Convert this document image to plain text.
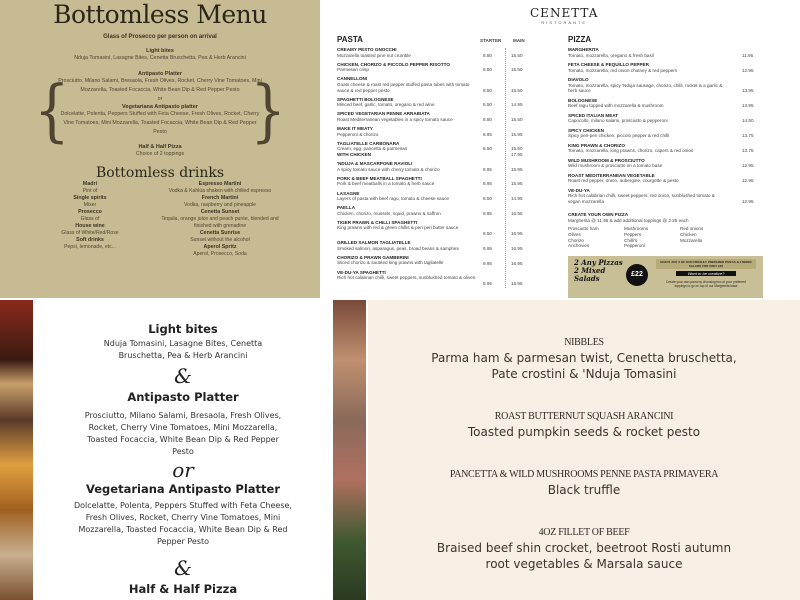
Bottomless Menu
Glass of Prosecco per person on arrival
Light bites
Nduja Tomasini, Lasagne Bites, Cenetta Bruschetta, Pea & Herb Arancini
{	}
Antipasto Platter
Prosciutto, Milano Salami, Bresaola, Fresh Olives, Rocket, Cherry Vine Tomatoes, Mini Mozzarella, Toasted Focaccia, White Bean Dip & Red Pepper Pesto
or
Vegetariana Antipasto platter
Dolcelatte, Polenta, Peppers Stuffed with Feta Cheese, Fresh Olives, Rocket, Cherry Vine Tomatoes, Mini Mozzarella, Toasted Focaccia, White Bean Dip & Red Pepper Pesto
Half & Half Pizza
Choice of 2 toppings
Bottomless drinks
Madri
Pint of
Single spirits
Mixer
Prosecco
Glass of
House wine
Glass of White/Red/Rose
Soft drinks
Pepsi, lemonade, etc...
Espresso Martini
Vodka & Kahlúa shaken with chilled espresso
French Martini
Vodka, raspberry and pineapple
Cenetta Sunset
Tequila, orange juice and peach purée, blended and finished with grenadine
Cenetta Sunrise
Sunset without the alcohol
Aperol Spritz
Aperol, Prosecco, Soda
CENETTA
RISTORANTE
PASTA	STARTER	MAIN
CREAMY PESTO GNOCCHI
Mozzarella toasted pine nut crumble	8.50	15.50
CHICKEN, CHORIZO & PICCOLO PEPPER RISOTTO
Parmesan crisp	8.50	15.50
CANNELLONI
Goats cheese & roast red pepper stuffed pasta tubes with tomato sauce & red pepper pesto	8.50	15.50
SPAGHETTI BOLOGNESE
Minced beef, garlic, tomato, oregano & red wine	8.50	14.95
SPICED VEGETARIAN PENNE ARRABIATA
Roast Mediterranean vegetables in a spicy tomato sauce	8.50	15.50
MAKE IT MEATY
Pepperoni & chorizo	8.95	15.95
TAGLIATELLE CARBONARA
Cream, egg, pancetta & parmesan	8.50	15.50
WITH CHICKEN	17.95
'NDUJA & MASCARPONE RAVIOLI
A spicy tomato sauce with cherry tomato & chorizo	8.95	15.95
PORK & BEEF MEATBALL SPAGHETTI
Pork & beef meatballs in a tomato & herb sauce	8.95	15.95
LASAGNE
Layers of pasta with beef ragu, tomato & cheese sauce	8.50	14.95
PAELLA
Chicken, chorizo, mussels, squid, prawns & saffron	9.95	16.95
TIGER PRAWN & CHILLI SPAGHETTI
King prawns with red & green chillis & peri peri butter sauce
9.50	16.95
GRILLED SALMON TAGLIATELLE
Smoked salmon, asparagus, peas, broad beans & samphire	9.95	16.95
CHORIZO & PRAWN GAMBERINI
Sliced chorizo & sautéed king prawns with tagliatelle	9.95	16.95
VE-DU-YA SPAGHETTI
Rich hot calabrian chilli, sweet peppers, sunblushed tomato & olives
8.95	15.95
PIZZA
MARGHERITA
Tomato, mozzarella, oregano & fresh basil	11.95
FETA CHEESE & PEQUILLO PEPPER
Tomato, mozzarella, red onion chutney & red peppers	12.95
DIAVOLO
Tomato, mozzarella, spicy 'Nduja sausage, chorizo, chilli, rocket & a garlic & herb sauce	13.95
BOLOGNESE
Beef ragu topped with mozzarella & mushroom	13.95
SPICED ITALIAN MEAT
Capocollo, milano salami, prosciutto & pepperoni	14.50
SPICY CHICKEN
Spicy peri-peri chicken, piccolo pepper & red chilli	13.75
KING PRAWN & CHORIZO
Tomato, mozzarella, king prawns, chorizo, capers & red onion	13.75
WILD MUSHROOM & PROSCIUTTO
Wild mushroom & prosciutto on a tomato base	12.95
ROAST MEDITERRANEAN VEGETABLE
Roast red pepper, onion, aubergine, courgette & pesto	12.95
VE-DU-YA
Rich hot calabrian chilli, sweet peppers, red onion, sunblushed tomato & vegan mozzarella	12.95
CREATE YOUR OWN PIZZA
Margherita @ 11.95 & add additional toppings @ 2.25 each
Prosciutto ham
Olives
Chorizo
Anchovies
Mushrooms
Peppers
Chilli's
Pepperoni
Red onions
Chicken
Mozzarella
2 Any Pizzas 2 Mixed Salads	£22
ENJOY ANY 2 OF OUR FRESHLY PREPARED PIZZAS & 2 MIXED SALADS FOR ONLY £22
Want to be creative?
Create your own pizza by choosing two of your preferred toppings to go on top of our Margherita base
Light bites
Nduja Tomasini, Lasagne Bites, Cenetta Bruschetta, Pea & Herb Arancini
&
Antipasto Platter
Prosciutto, Milano Salami, Bresaola, Fresh Olives, Rocket, Cherry Vine Tomatoes, Mini Mozzarella, Toasted Focaccia, White Bean Dip & Red Pepper Pesto
or
Vegetariana Antipasto Platter
Dolcelatte, Polenta, Peppers Stuffed with Feta Cheese, Fresh Olives, Rocket, Cherry Vine Tomatoes, Mini Mozzarella, Toasted Focaccia, White Bean Dip & Red Pepper Pesto
&
Half & Half Pizza
NIBBLES
Parma ham & parmesan twist, Cenetta bruschetta, Pate crostini & 'Nduja Tomasini
ROAST BUTTERNUT SQUASH ARANCINI
Toasted pumpkin seeds & rocket pesto
PANCETTA & WILD MUSHROOMS PENNE PASTA PRIMAVERA
Black truffle
4OZ FILLET OF BEEF
Braised beef shin crocket, beetroot Rosti autumn root vegetables & Marsala sauce
